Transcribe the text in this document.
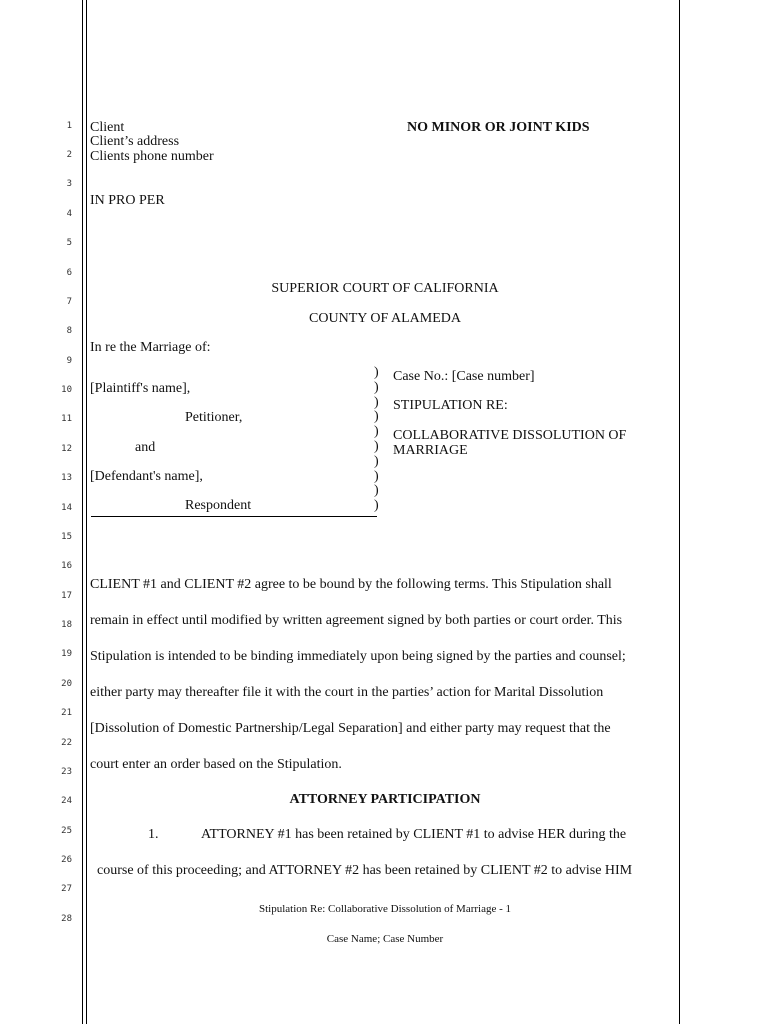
1
2
3
4
5
6
7
8
9
10
11
12
13
14
15
16
17
18
19
20
21
22
23
24
25
26
27
28
Client
Client’s address
Clients phone number
IN PRO PER
NO MINOR OR JOINT KIDS
SUPERIOR COURT OF CALIFORNIA
COUNTY OF ALAMEDA
In re the Marriage of:
[Plaintiff's name],
Petitioner,
and
[Defendant's name],
Respondent
)
)
)
)
)
)
)
)
)
)
Case No.: [Case number]
STIPULATION RE:
COLLABORATIVE DISSOLUTION OF
MARRIAGE
CLIENT #1 and CLIENT #2 agree to be bound by the following terms. This Stipulation shall
remain in effect until modified by written agreement signed by both parties or court order. This
Stipulation is intended to be binding immediately upon being signed by the parties and counsel;
either party may thereafter file it with the court in the parties’ action for Marital Dissolution
[Dissolution of Domestic Partnership/Legal Separation] and either party may request that the
court enter an order based on the Stipulation.
ATTORNEY PARTICIPATION
1.	ATTORNEY #1 has been retained by CLIENT #1 to advise HER during the
course of this proceeding; and ATTORNEY #2 has been retained by CLIENT #2 to advise HIM
Stipulation Re: Collaborative Dissolution of Marriage - 1
Case Name; Case Number
